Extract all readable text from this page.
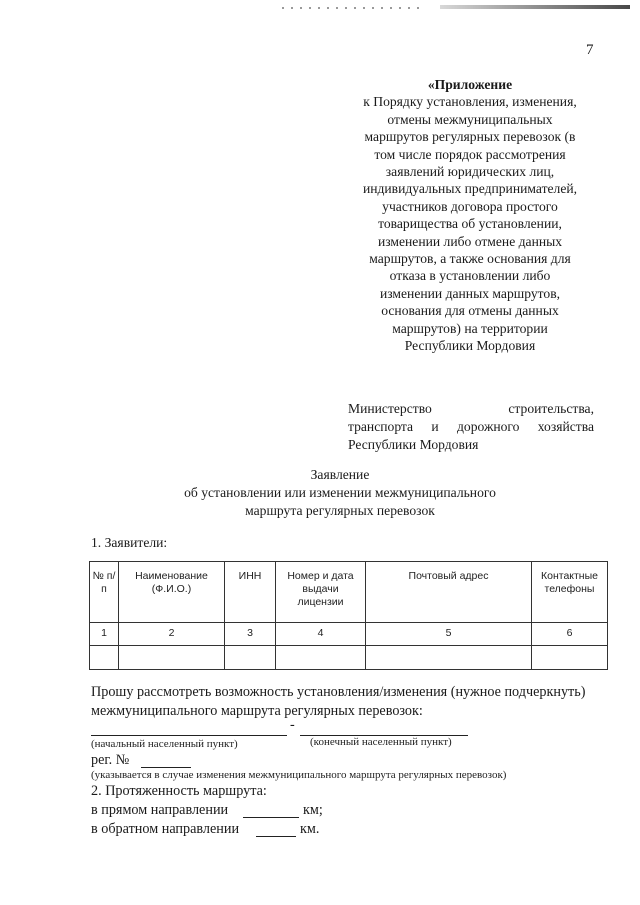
7
«Приложение
к Порядку установления, изменения,
отмены межмуниципальных
маршрутов регулярных перевозок (в
том числе порядок рассмотрения
заявлений юридических лиц,
индивидуальных предпринимателей,
участников договора простого
товарищества об установлении,
изменении либо отмене данных
маршрутов, а также основания для
отказа в установлении либо
изменении данных маршрутов,
основания для отмены данных
маршрутов) на территории
Республики Мордовия
Министерство строительства,
транспорта и дорожного хозяйства
Республики Мордовия
Заявление
об установлении или изменении межмуниципального
маршрута регулярных перевозок
1. Заявители:
№ п/п	Наименование (Ф.И.О.)	ИНН	Номер и дата выдачи лицензии	Почтовый адрес	Контактные телефоны
1	2	3	4	5	6

Прошу рассмотреть возможность установления/изменения (нужное подчеркнуть) межмуниципального маршрута регулярных перевозок:
-
(начальный населенный пункт)	(конечный населенный пункт)
рег. №
(указывается в случае изменения межмуниципального маршрута регулярных перевозок)
2. Протяженность маршрута:
в прямом направлении	км;
в обратном направлении	км.
